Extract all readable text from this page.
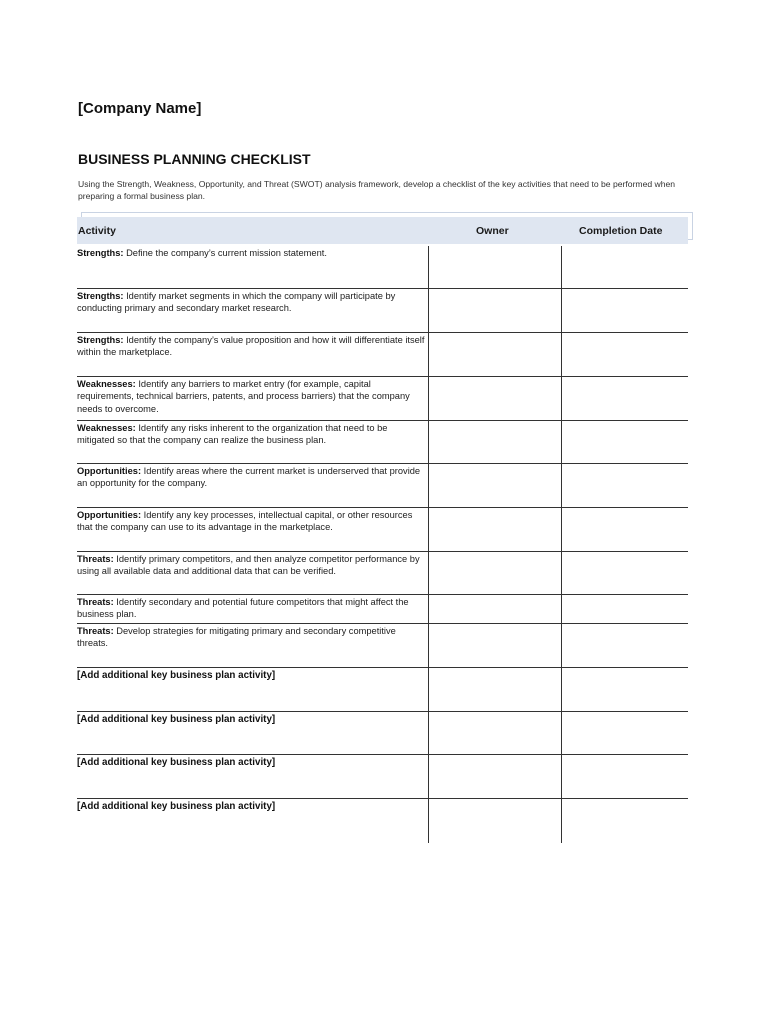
[Company Name]
BUSINESS PLANNING CHECKLIST
Using the Strength, Weakness, Opportunity, and Threat (SWOT) analysis framework, develop a checklist of the key activities that need to be performed when preparing a formal business plan.
Activity	Owner	Completion Date
Strengths: Define the company’s current mission statement.
Strengths: Identify market segments in which the company will participate by conducting primary and secondary market research.
Strengths: Identify the company’s value proposition and how it will differentiate itself within the marketplace.
Weaknesses: Identify any barriers to market entry (for example, capital requirements, technical barriers, patents, and process barriers) that the company needs to overcome.
Weaknesses: Identify any risks inherent to the organization that need to be mitigated so that the company can realize the business plan.
Opportunities: Identify areas where the current market is underserved that provide an opportunity for the company.
Opportunities: Identify any key processes, intellectual capital, or other resources that the company can use to its advantage in the marketplace.
Threats: Identify primary competitors, and then analyze competitor performance by using all available data and additional data that can be verified.
Threats: Identify secondary and potential future competitors that might affect the business plan.
Threats: Develop strategies for mitigating primary and secondary competitive threats.
[Add additional key business plan activity]
[Add additional key business plan activity]
[Add additional key business plan activity]
[Add additional key business plan activity]
